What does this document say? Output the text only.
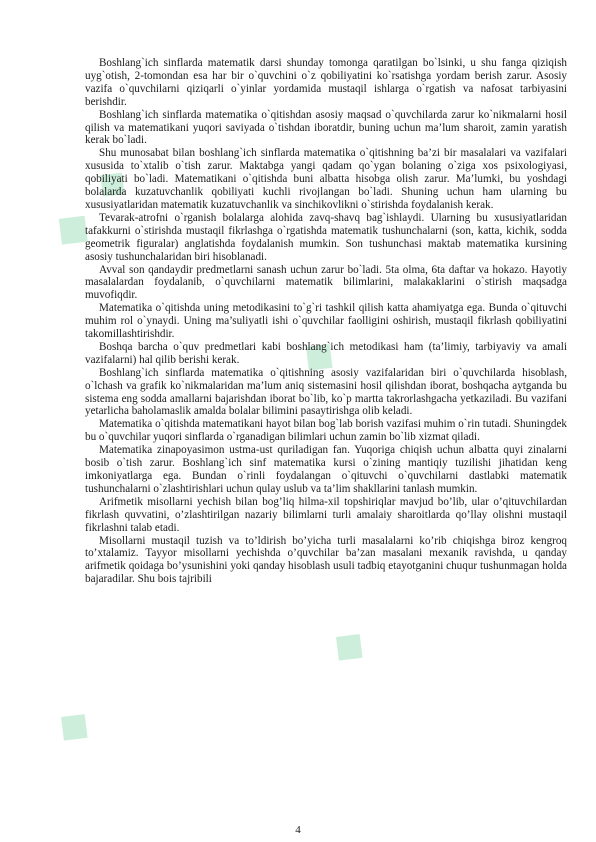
◆
◆
◆
◆
◆

Boshlang`ich sinflarda matematik darsi shunday tomonga qaratilgan bo`lsinki, u shu fanga qiziqish uyg`otish, 2-tomondan esa har bir o`quvchini o`z qobiliyatini ko`rsatishga yordam berish zarur. Asosiy vazifa o`quvchilarni qiziqarli o`yinlar yordamida mustaqil ishlarga o`rgatish va nafosat tarbiyasini berishdir.

Boshlang`ich sinflarda matematika o`qitishdan asosiy maqsad o`quvchilarda zarur ko`nikmalarni hosil qilish va matematikani yuqori saviyada o`tishdan iboratdir, buning uchun ma’lum sharoit, zamin yaratish kerak bo`ladi.

Shu munosabat bilan boshlang`ich sinflarda matematika o`qitishning ba’zi bir masalalari va vazifalari xususida to`xtalib o`tish zarur. Maktabga yangi qadam qo`ygan bolaning o`ziga xos psixologiyasi, qobiliyati bo`ladi. Matematikani o`qitishda buni albatta hisobga olish zarur. Ma’lumki, bu yoshdagi bolalarda kuzatuvchanlik qobiliyati kuchli rivojlangan bo`ladi. Shuning uchun ham ularning bu xususiyatlaridan matematik kuzatuvchanlik va sinchikovlikni o`stirishda foydalanish kerak.

Tevarak-atrofni o`rganish bolalarga alohida zavq-shavq bag`ishlaydi. Ularning bu xususiyatlaridan tafakkurni o`stirishda mustaqil fikrlashga o`rgatishda matematik tushunchalarni (son, katta, kichik, sodda geometrik figuralar) anglatishda foydalanish mumkin. Son tushunchasi maktab matematika kursining asosiy tushunchalaridan biri hisoblanadi.

Avval son qandaydir predmetlarni sanash uchun zarur bo`ladi. 5ta olma, 6ta daftar va hokazo. Hayotiy masalalardan foydalanib, o`quvchilarni matematik bilimlarini, malakaklarini o`stirish maqsadga muvofiqdir.

Matematika o`qitishda uning metodikasini to`g`ri tashkil qilish katta ahamiyatga ega. Bunda o`qituvchi muhim rol o`ynaydi. Uning ma’suliyatli ishi o`quvchilar faolligini oshirish, mustaqil fikrlash qobiliyatini takomillashtirishdir.

Boshqa barcha o`quv predmetlari kabi boshlang`ich metodikasi ham (ta’limiy, tarbiyaviy va amali vazifalarni) hal qilib berishi kerak.

Boshlang`ich sinflarda matematika o`qitishning asosiy vazifalaridan biri o`quvchilarda hisoblash, o`lchash va grafik ko`nikmalaridan ma’lum aniq sistemasini hosil qilishdan iborat, boshqacha aytganda bu sistema eng sodda amallarni bajarishdan iborat bo`lib, ko`p martta takrorlashgacha yetkaziladi. Bu vazifani yetarlicha baholamaslik amalda bolalar bilimini pasaytirishga olib keladi.

Matematika o`qitishda matematikani hayot bilan bog`lab borish vazifasi muhim o`rin tutadi. Shuningdek bu o`quvchilar yuqori sinflarda o`rganadigan bilimlari uchun zamin bo`lib xizmat qiladi.

Matematika zinapoyasimon ustma-ust quriladigan fan. Yuqoriga chiqish uchun albatta quyi zinalarni bosib o`tish zarur. Boshlang`ich sinf matematika kursi o`zining mantiqiy tuzilishi jihatidan keng imkoniyatlarga ega. Bundan o`rinli foydalangan o`qituvchi o`quvchilarni dastlabki matematik tushunchalarni o`zlashtirishlari uchun qulay uslub va ta’lim shakllarini tanlash mumkin.

Arifmetik misollarni yechish bilan bog’liq hilma-xil topshiriqlar mavjud bo’lib, ular o’qituvchilardan fikrlash quvvatini, o’zlashtirilgan nazariy bilimlarni turli amalaiy sharoitlarda qo’llay olishni mustaqil fikrlashni talab etadi.

Misollarni mustaqil tuzish va to’ldirish bo’yicha turli masalalarni ko’rib chiqishga biroz kengroq to’xtalamiz. Tayyor misollarni yechishda o’quvchilar ba’zan masalani mexanik ravishda, u qanday arifmetik qoidaga bo’ysunishini yoki qanday hisoblash usuli tadbiq etayotganini chuqur tushunmagan holda bajaradilar. Shu bois tajribili

4
